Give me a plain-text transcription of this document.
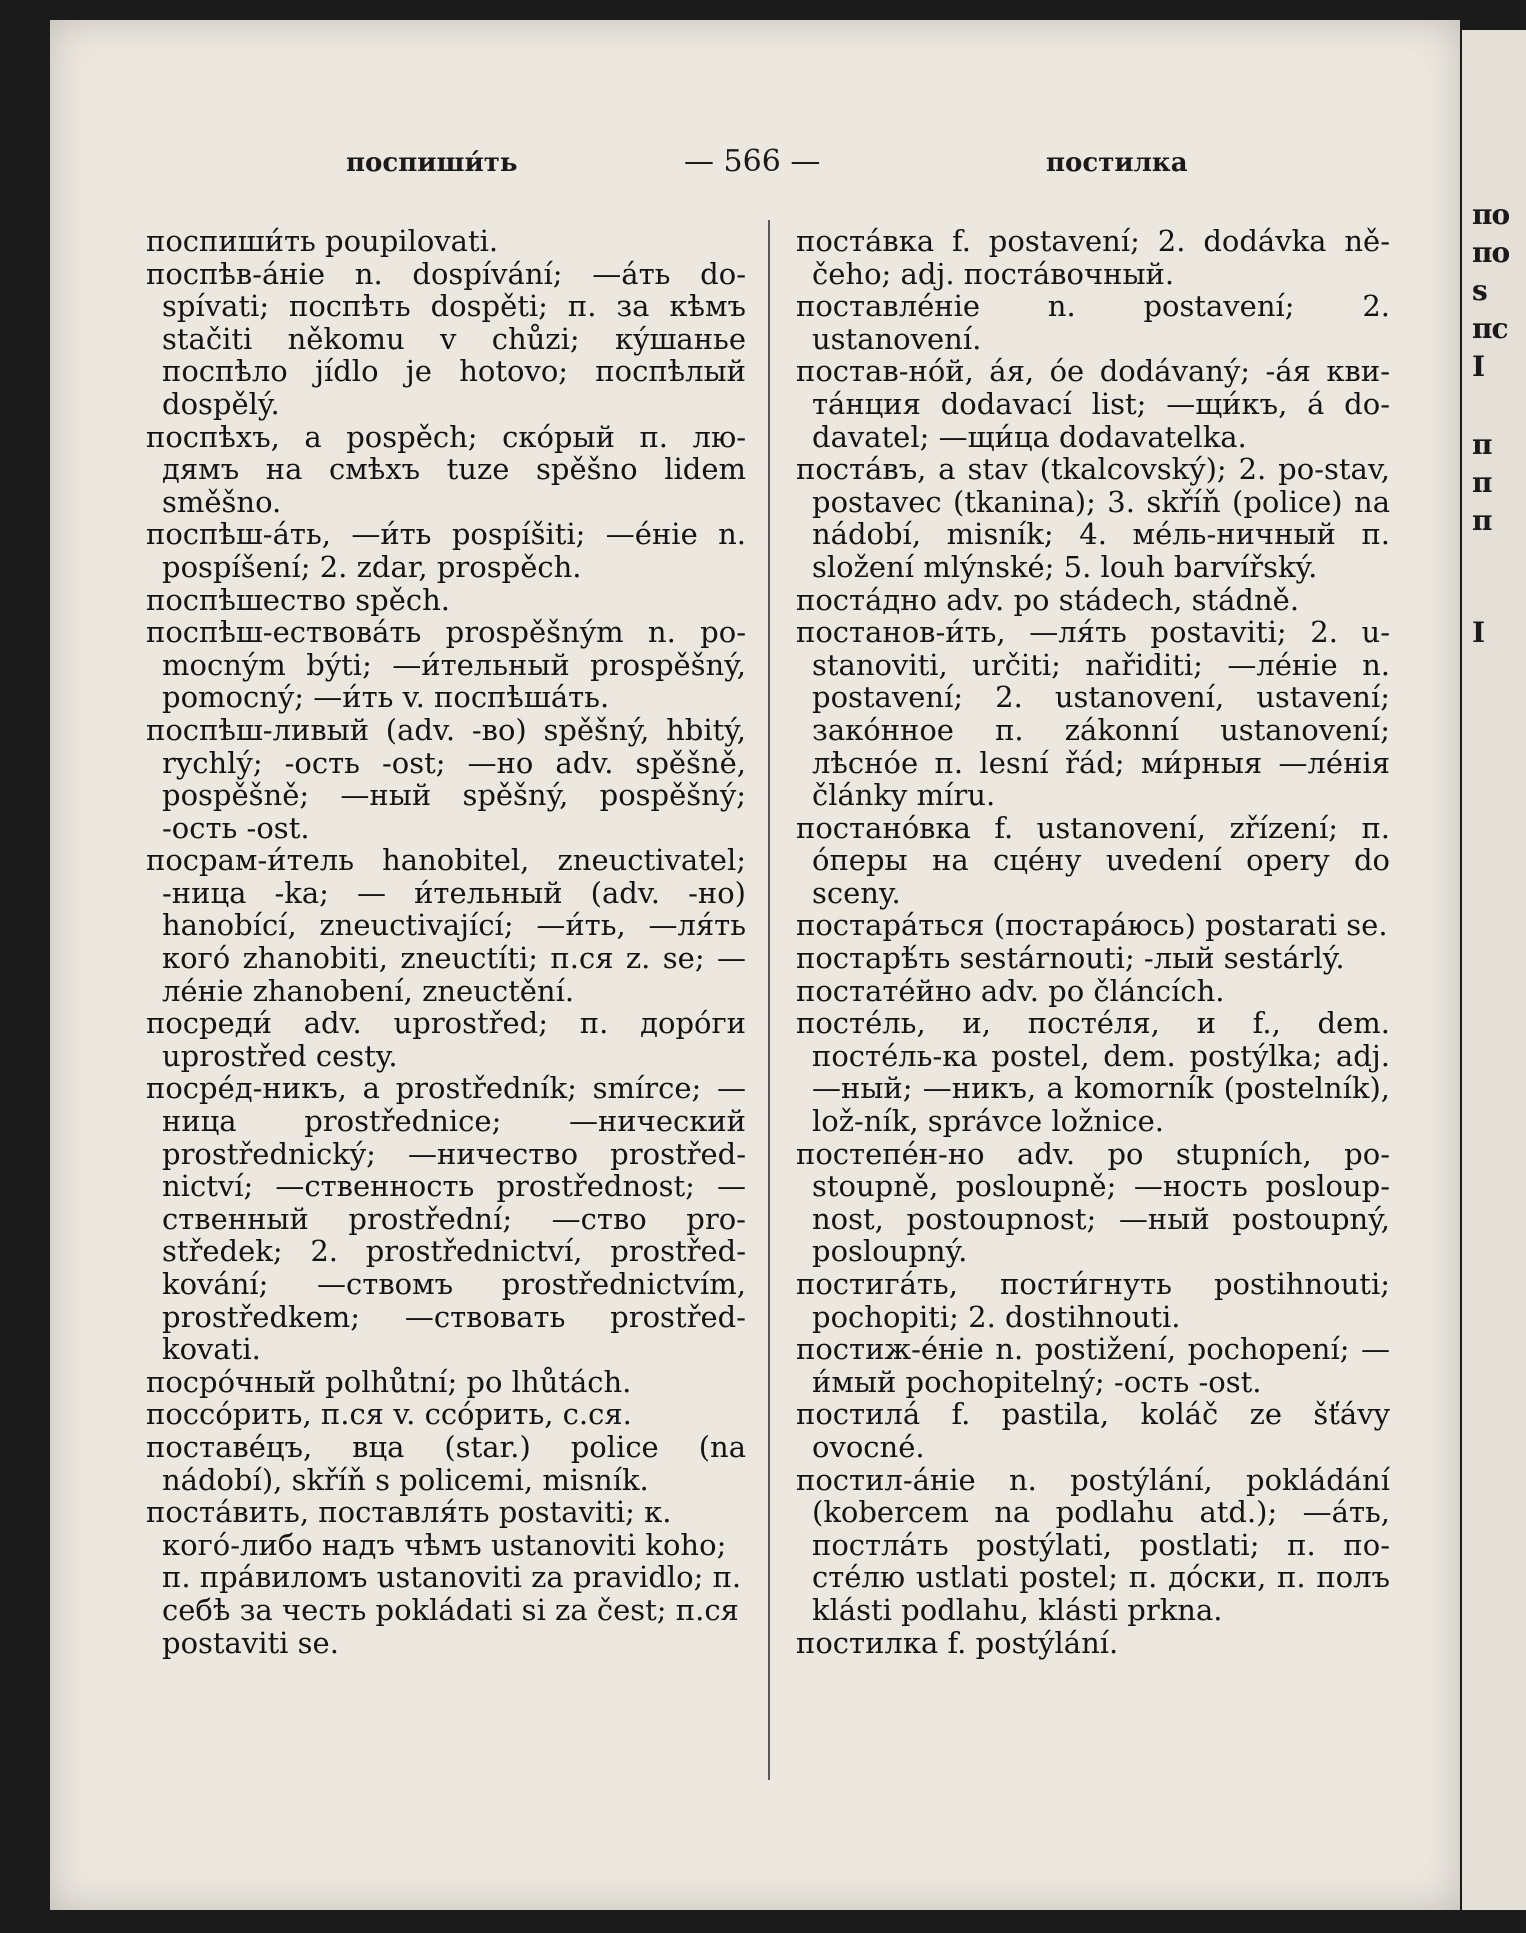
по
по
s
пс
I
п
п
п
I
поспиши́ть	— 566 —	постилка

поспиши́ть poupilovati.

поспѣв-áніе n. dospívání; —áть do-spívati; поспѣть dospěti; п. за кѣмъ stačiti někomu v chůzi; кýшанье поспѣло jídlo je hotovo; поспѣлый dospělý.

поспѣхъ, a pospěch; скóрый п. лю-дямъ на смѣхъ tuze spěšno lidem směšno.

поспѣш-áть, —и́ть pospíšiti; —éніе n. pospíšení; 2. zdar, prospěch.

поспѣшество spěch.

поспѣш-ествовáть prospěšným n. po-mocným býti; —и́тельный prospěšný, pomocný; —и́ть v. поспѣшáть.

поспѣш-ливый (adv. -во) spěšný, hbitý, rychlý; -ость -ost; —но adv. spěšně, pospěšně; —ный spěšný, pospěšný; -ость -ost.

посрам-и́тель hanobitel, zneuctivatel; -ница -ka; — и́тельный (adv. -но) hanobící, zneuctivající; —и́ть, —ля́ть когó zhanobiti, zneuctíti; п.ся z. se; —лéніе zhanobení, zneuctění.

посреди́ adv. uprostřed; п. дорóги uprostřed cesty.

посрéд-никъ, a prostředník; smírce; —ница prostřednice; —нический prostřednický; —ничество prostřed-nictví; —ственность prostřednost; —ственный prostřední; —ство pro-středek; 2. prostřednictví, prostřed-kování; —ствомъ prostřednictvím, prostředkem; —ствовать prostřed-kovati.

посрóчный polhůtní; po lhůtách.

поссóрить, п.ся v. ссóрить, с.ся.

поставéцъ, вца (star.) police (na nádobí), skříň s policemi, misník.

постáвить, поставля́ть postaviti; к. когó-либо надъ чѣмъ ustanoviti koho; п. прáвиломъ ustanoviti za pravidlo; п. себѣ за честь pokládati si za čest; п.ся postaviti se.

постáвка f. postavení; 2. dodávka ně-čeho; adj. постáвочный.

поставлéніе n. postavení; 2. ustanovení.

постав-нóй, áя, óе dodávaný; -áя кви-тáнция dodavací list; —щи́къ, á do-davatel; —щи́ца dodavatelka.

постáвъ, a stav (tkalcovský); 2. po-stav, postavec (tkanina); 3. skříň (police) na nádobí, misník; 4. мéль-ничный п. složení mlýnské; 5. louh barvířský.

постáдно adv. po stádech, stádně.

постанов-и́ть, —ля́ть postaviti; 2. u-stanoviti, určiti; nařiditi; —лéніе n. postavení; 2. ustanovení, ustavení; закóнное п. zákonní ustanovení; лѣснóе п. lesní řád; ми́рныя —лéнія články míru.

постанóвка f. ustanovení, zřízení; п. óперы на сцéну uvedení opery do sceny.

постарáться (постарáюсь) postarati se.

постарѣ́ть sestárnouti; -лый sestárlý.

постатéйно adv. po článcích.

постéль, и, постéля, и f., dem. постéль-ка postel, dem. postýlka; adj. —ный; —никъ, а komorník (postelník), lož-ník, správce ložnice.

постепéн-но adv. po stupních, po-stoupně, posloupně; —ность posloup-nost, postoupnost; —ный postoupný, posloupný.

постигáть, пости́гнуть postihnouti; pochopiti; 2. dostihnouti.

постиж-éніе n. postižení, pochopení; —и́мый pochopitelný; -ость -ost.

постилá f. pastila, koláč ze šťávy ovocné.

постил-áніе n. postýlání, pokládání (kobercem na podlahu atd.); —áть, постлáть postýlati, postlati; п. по-стéлю ustlati postel; п. дóски, п. полъ klásti podlahu, klásti prkna.

постилка f. postýlání.
